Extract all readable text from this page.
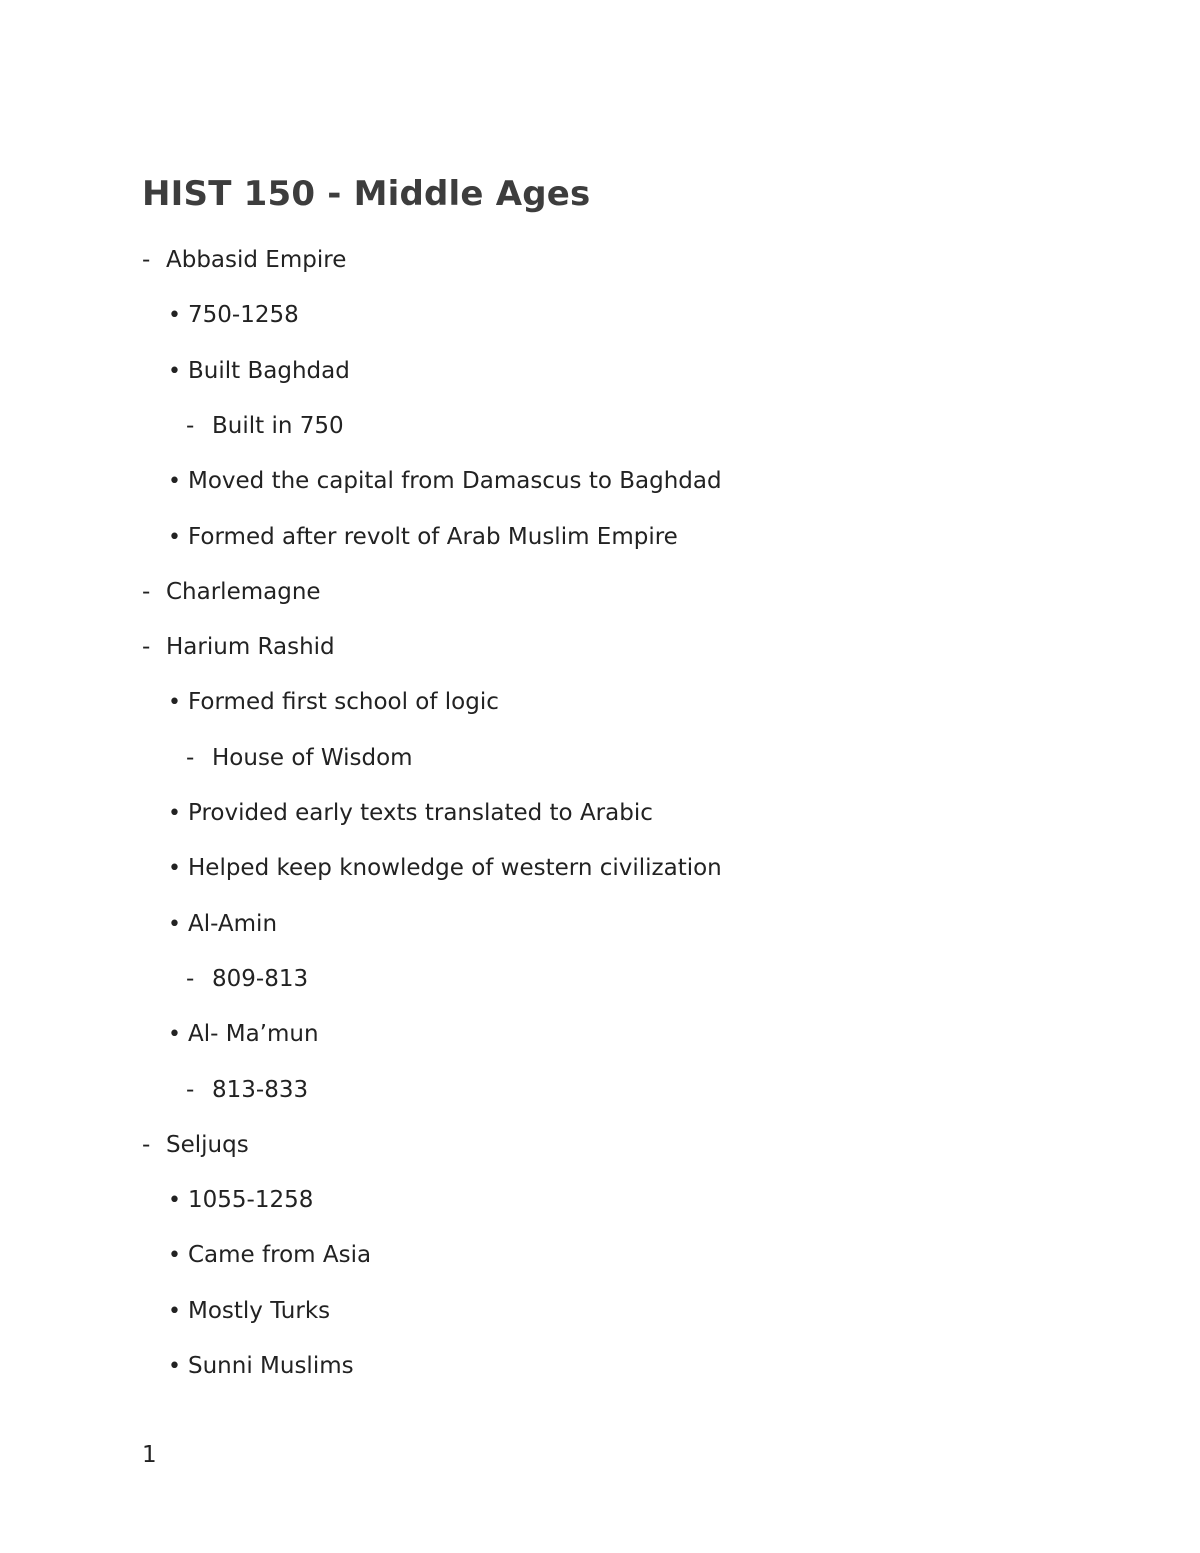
HIST 150 - Middle Ages
- Abbasid Empire
• 750-1258
• Built Baghdad
- Built in 750
• Moved the capital from Damascus to Baghdad
• Formed after revolt of Arab Muslim Empire
- Charlemagne
- Harium Rashid
• Formed first school of logic
- House of Wisdom
• Provided early texts translated to Arabic
• Helped keep knowledge of western civilization
• Al-Amin
- 809-813
• Al- Ma’mun
- 813-833
- Seljuqs
• 1055-1258
• Came from Asia
• Mostly Turks
• Sunni Muslims
1
